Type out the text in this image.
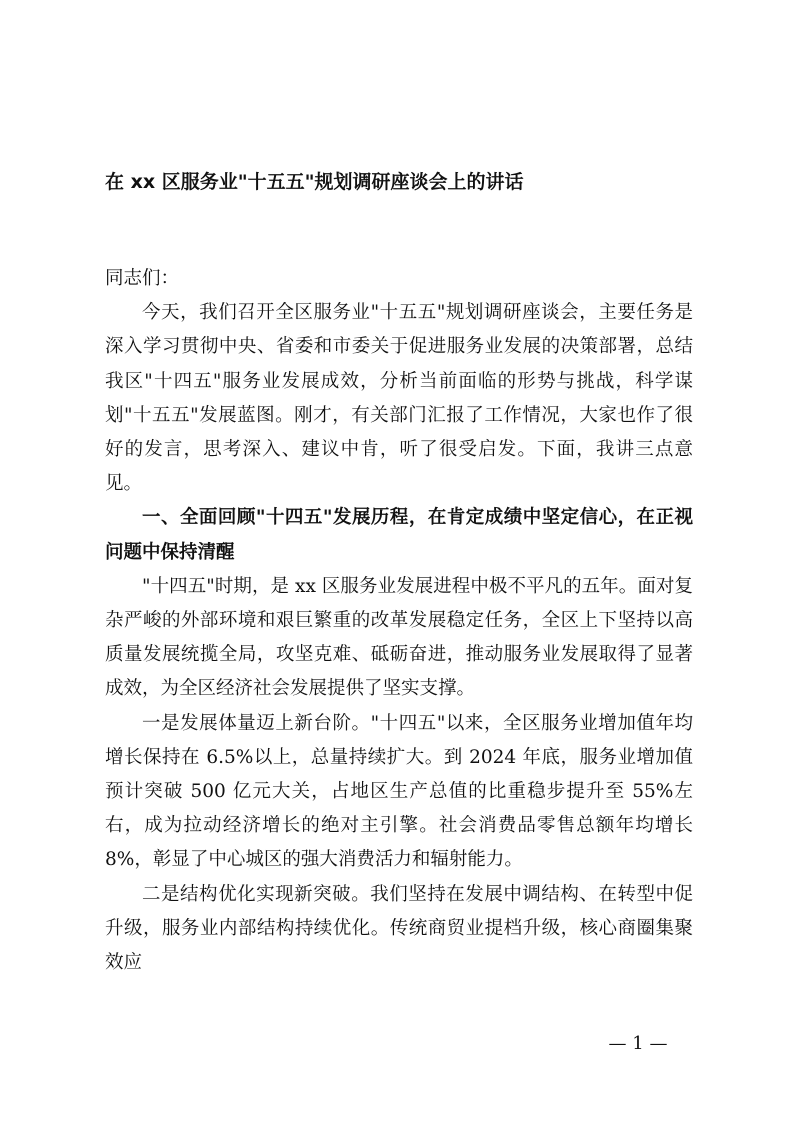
在 xx 区服务业"十五五"规划调研座谈会上的讲话

同志们：

今天，我们召开全区服务业"十五五"规划调研座谈会，主要任务是深入学习贯彻中央、省委和市委关于促进服务业发展的决策部署，总结我区"十四五"服务业发展成效，分析当前面临的形势与挑战，科学谋划"十五五"发展蓝图。刚才，有关部门汇报了工作情况，大家也作了很好的发言，思考深入、建议中肯，听了很受启发。下面，我讲三点意见。

一、全面回顾"十四五"发展历程，在肯定成绩中坚定信心，在正视问题中保持清醒

"十四五"时期，是 xx 区服务业发展进程中极不平凡的五年。面对复杂严峻的外部环境和艰巨繁重的改革发展稳定任务，全区上下坚持以高质量发展统揽全局，攻坚克难、砥砺奋进，推动服务业发展取得了显著成效，为全区经济社会发展提供了坚实支撑。

一是发展体量迈上新台阶。"十四五"以来，全区服务业增加值年均增长保持在 6.5%以上，总量持续扩大。到 2024 年底，服务业增加值预计突破 500 亿元大关，占地区生产总值的比重稳步提升至 55%左右，成为拉动经济增长的绝对主引擎。社会消费品零售总额年均增长 8%，彰显了中心城区的强大消费活力和辐射能力。

二是结构优化实现新突破。我们坚持在发展中调结构、在转型中促升级，服务业内部结构持续优化。传统商贸业提档升级，核心商圈集聚效应

— 1 —
